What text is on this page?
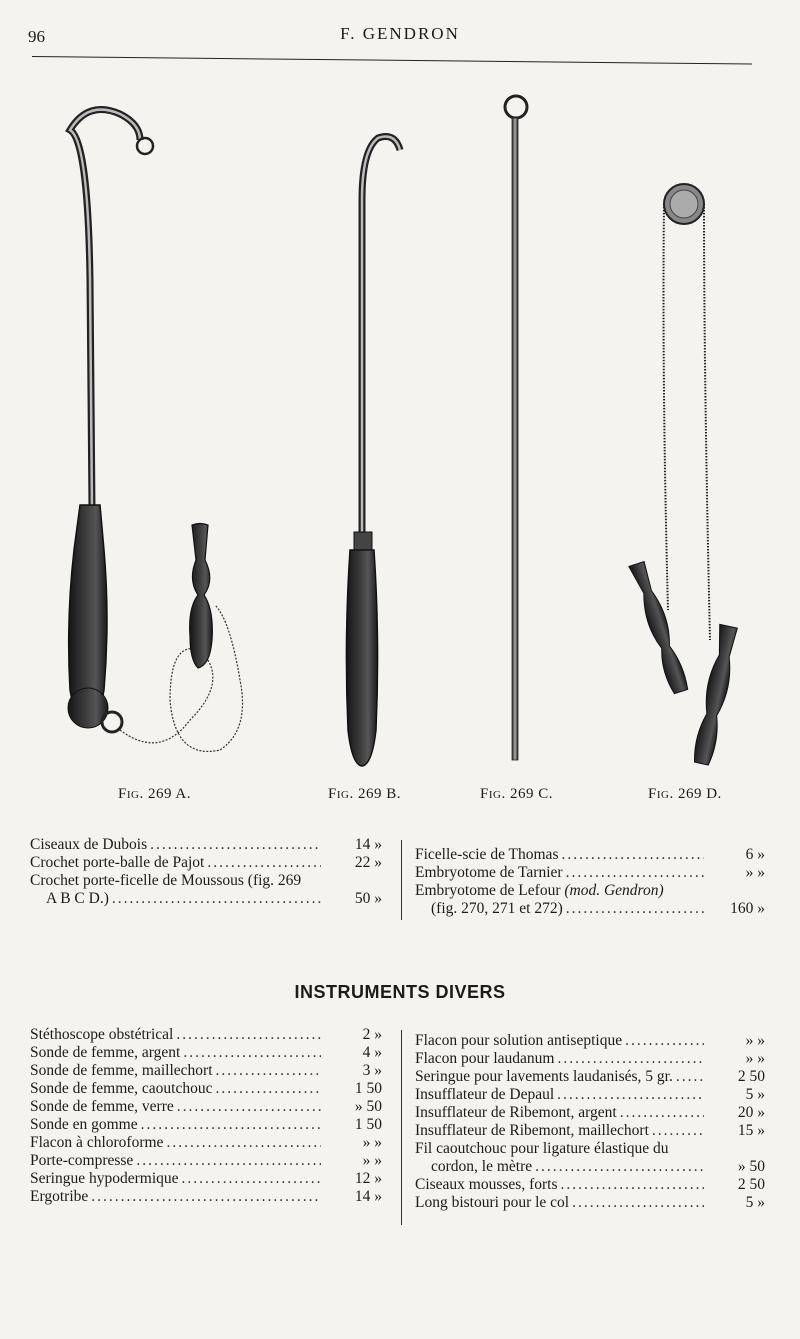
96	F. GENDRON
Fig. 269 A.	Fig. 269 B.	Fig. 269 C.	Fig. 269 D.
Ciseaux de Dubois .....	14 »
Crochet porte-balle de Pajot .....	22 »
Crochet porte-ficelle de Moussous (fig. 269
A B C D.) .....	50 »
Ficelle-scie de Thomas .....	6 »
Embryotome de Tarnier .....	» »
Embryotome de Lefour
(mod. Gendron)
(fig. 270, 271 et 272) .....	160 »
INSTRUMENTS DIVERS
Stéthoscope obstétrical .....	2 »
Sonde de femme, argent .....	4 »
Sonde de femme, maillechort .....	3 »
Sonde de femme, caoutchouc .....	1 50
Sonde de femme, verre .....	» 50
Sonde en gomme .....	1 50
Flacon à chloroforme .....	» »
Porte-compresse .....	» »
Seringue hypodermique .....	12 »
Ergotribe .....	14 »
Flacon pour solution antiseptique .....	» »
Flacon pour laudanum .....	» »
Seringue pour lavements laudanisés, 5 gr. .....	2 50
Insufflateur de Depaul .....	5 »
Insufflateur de Ribemont, argent .....	20 »
Insufflateur de Ribemont, maillechort .....	15 »
Fil caoutchouc pour ligature élastique du
cordon, le mètre .....	» 50
Ciseaux mousses, forts .....	2 50
Long bistouri pour le col .....	5 »
